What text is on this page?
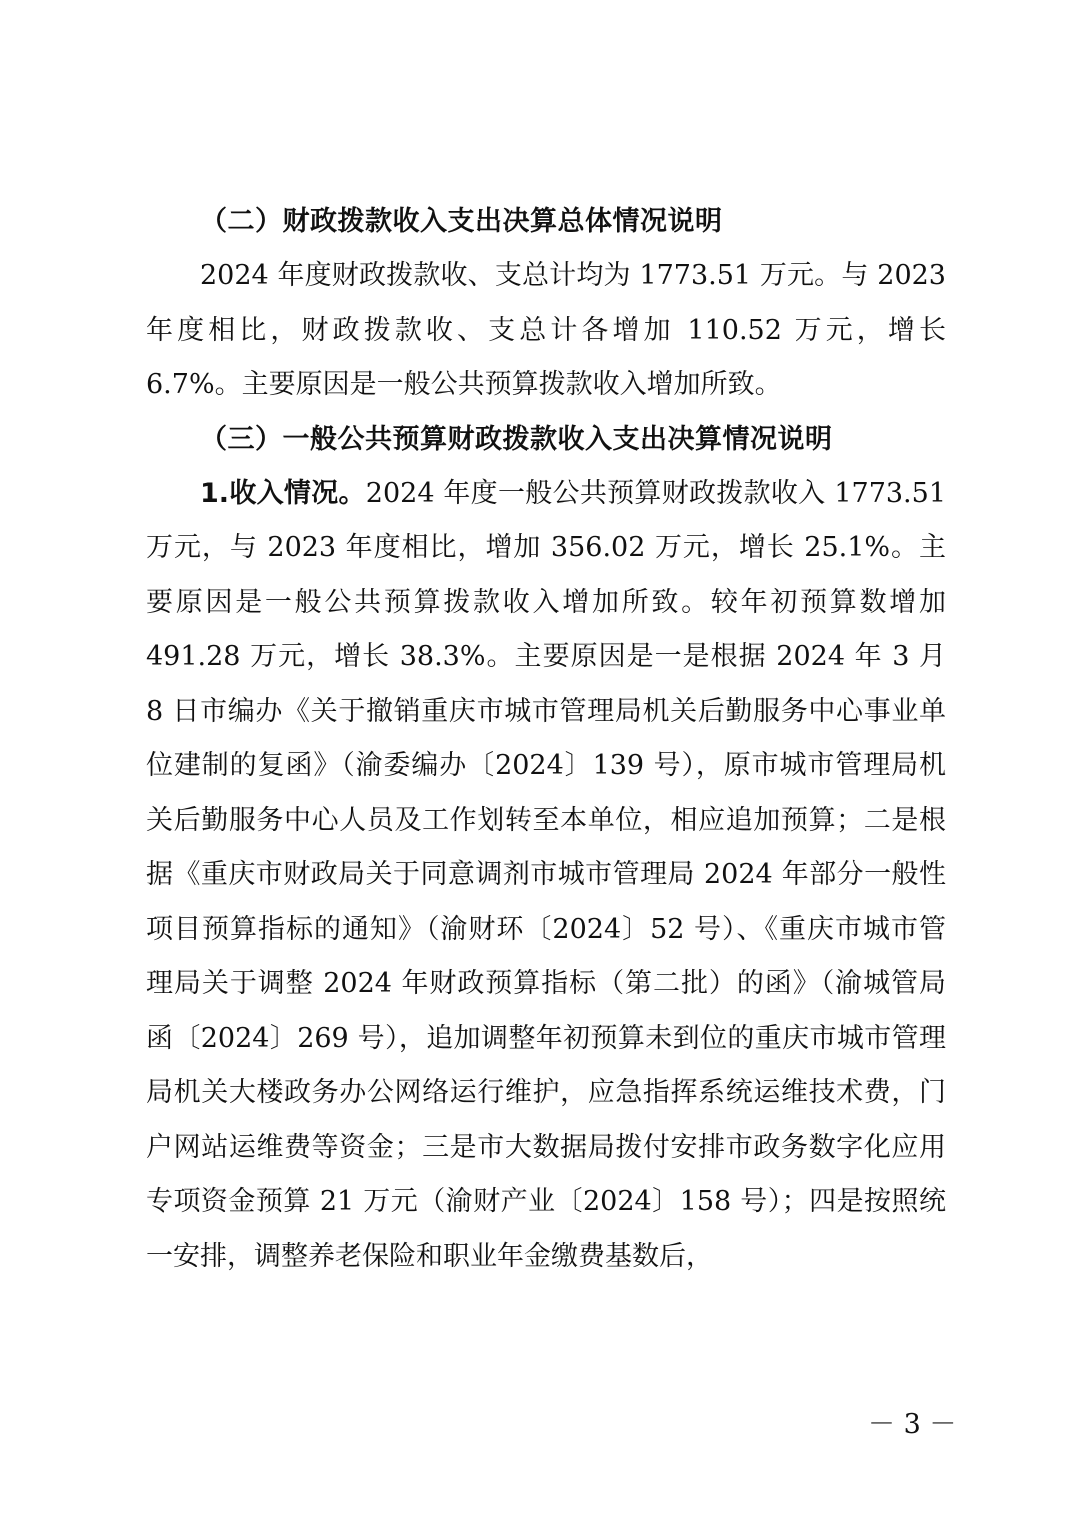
（二）财政拨款收入支出决算总体情况说明

2024 年度财政拨款收、支总计均为 1773.51 万元。与 2023 年度相比，财政拨款收、支总计各增加 110.52 万元，增长 6.7%。主要原因是一般公共预算拨款收入增加所致。

（三）一般公共预算财政拨款收入支出决算情况说明

1.收入情况。2024 年度一般公共预算财政拨款收入 1773.51 万元，与 2023 年度相比，增加 356.02 万元，增长 25.1%。主要原因是一般公共预算拨款收入增加所致。较年初预算数增加 491.28 万元，增长 38.3%。主要原因是一是根据 2024 年 3 月 8 日市编办《关于撤销重庆市城市管理局机关后勤服务中心事业单位建制的复函》（渝委编办〔2024〕139 号），原市城市管理局机关后勤服务中心人员及工作划转至本单位，相应追加预算；二是根据《重庆市财政局关于同意调剂市城市管理局 2024 年部分一般性项目预算指标的通知》（渝财环〔2024〕52 号）、《重庆市城市管理局关于调整 2024 年财政预算指标（第二批）的函》（渝城管局函〔2024〕269 号），追加调整年初预算未到位的重庆市城市管理局机关大楼政务办公网络运行维护，应急指挥系统运维技术费，门户网站运维费等资金；三是市大数据局拨付安排市政务数字化应用专项资金预算 21 万元（渝财产业〔2024〕158 号）；四是按照统一安排，调整养老保险和职业年金缴费基数后，

－ 3 －
